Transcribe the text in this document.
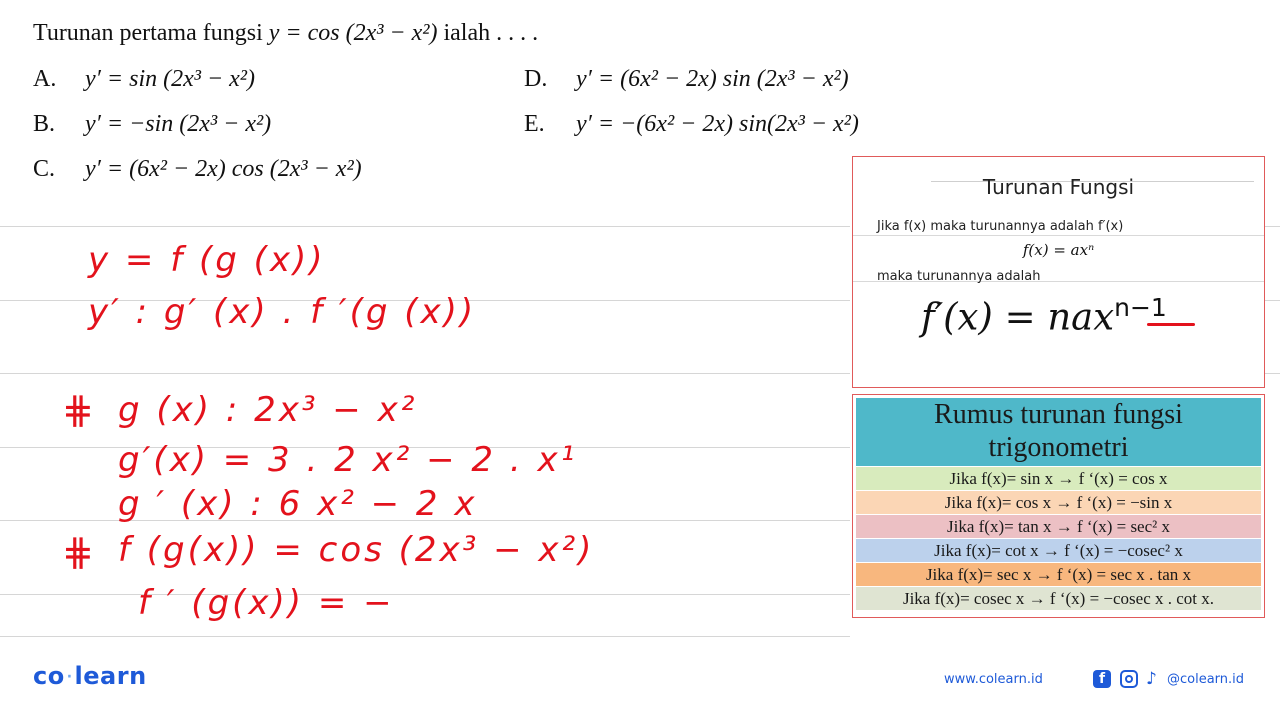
Turunan pertama fungsi y = cos (2x³ − x²) ialah . . . .
A. y′ = sin (2x³ − x²)
B. y′ = −sin (2x³ − x²)
C. y′ = (6x² − 2x) cos (2x³ − x²)
D. y′ = (6x² − 2x) sin (2x³ − x²)
E. y′ = −(6x² − 2x) sin(2x³ − x²)
y = f (g (x))
y′ : g′ (x) . f ′(g (x))
⋕ g (x) : 2x³ − x²
g′(x) = 3 . 2 x² − 2 . x¹
g ′ (x) : 6 x² − 2 x
⋕ f (g(x)) = cos (2x³ − x²)
f ′ (g(x)) = −
Turunan Fungsi
Jika f(x) maka turunannya adalah f′(x)
f(x) = axⁿ
maka turunannya adalah
f′(x) = nax$^{n-1}$
Rumus turunan fungsi
trigonometri
Jika f(x)= sin x → f ‘(x) = cos x
Jika f(x)= cos x → f ‘(x) = −sin x
Jika f(x)= tan x → f ‘(x) = sec² x
Jika f(x)= cot x → f ‘(x) = −cosec² x
Jika f(x)= sec x → f ‘(x) = sec x . tan x
Jika f(x)= cosec x → f ‘(x) = −cosec x . cot x.
co ·learn	www.colearn.id	f	♪ @colearn.id
